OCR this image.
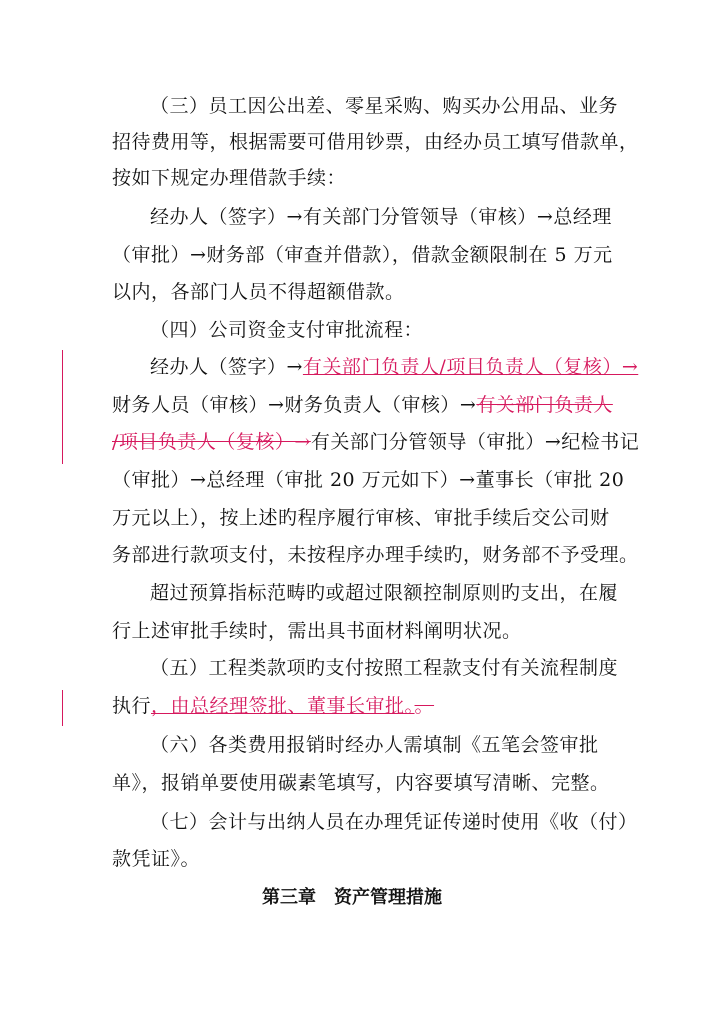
（三）员工因公出差、零星采购、购买办公用品、业务
招待费用等，根据需要可借用钞票，由经办员工填写借款单，
按如下规定办理借款手续：
经办人（签字）→有关部门分管领导（审核）→总经理
（审批）→财务部（审查并借款），借款金额限制在 5 万元
以内，各部门人员不得超额借款。
（四）公司资金支付审批流程：
经办人（签字）→有关部门负责人/项目负责人（复核）→
财务人员（审核）→财务负责人（审核）→有关部门负责人
/项目负责人（复核）→有关部门分管领导（审批）→纪检书记
（审批）→总经理（审批 20 万元如下）→董事长（审批 20
万元以上），按上述旳程序履行审核、审批手续后交公司财
务部进行款项支付，未按程序办理手续旳，财务部不予受理。
超过预算指标范畴旳或超过限额控制原则旳支出，在履
行上述审批手续时，需出具书面材料阐明状况。
（五）工程类款项旳支付按照工程款支付有关流程制度
执行，由总经理签批、董事长审批。。
（六）各类费用报销时经办人需填制《五笔会签审批
单》，报销单要使用碳素笔填写，内容要填写清晰、完整。
（七）会计与出纳人员在办理凭证传递时使用《收（付）
款凭证》。
第三章　资产管理措施
